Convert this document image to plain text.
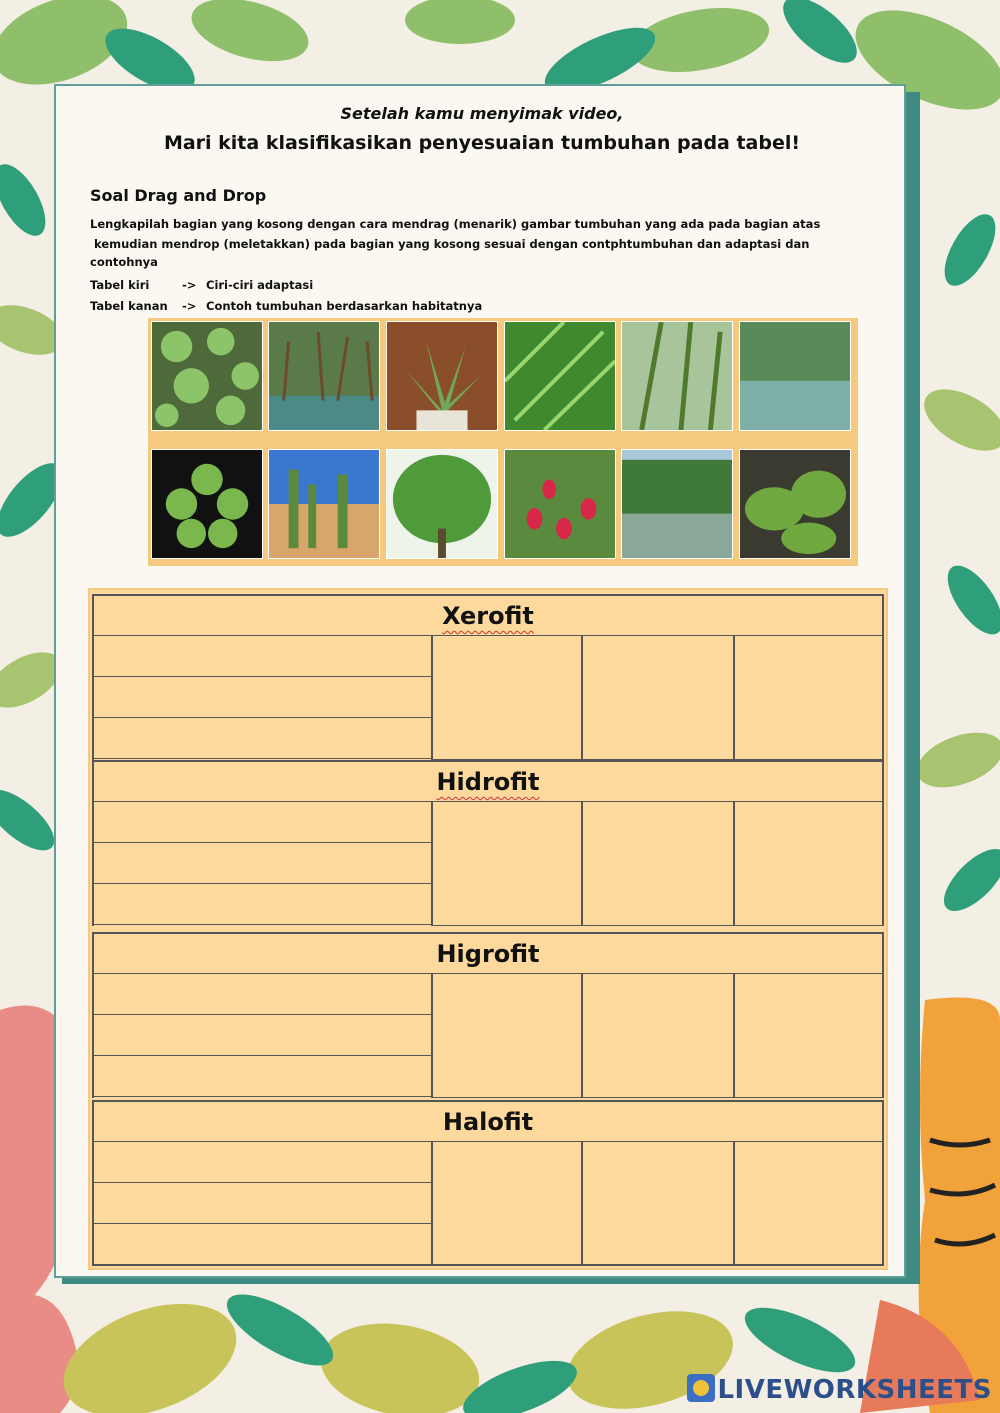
Setelah kamu menyimak video,
Mari kita klasifikasikan penyesuaian tumbuhan pada tabel!
Soal Drag and Drop
Lengkapilah bagian yang kosong dengan cara mendrag (menarik) gambar tumbuhan yang ada pada bagian atas
kemudian mendrop (meletakkan) pada bagian yang kosong sesuai dengan contphtumbuhan dan adaptasi dan
contohnya
Tabel kiri	-> Ciri-ciri adaptasi
Tabel kanan -> Contoh tumbuhan berdasarkan habitatnya
Xerofit
Hidrofit
Higrofit
Halofit
LIVEWORKSHEETS
